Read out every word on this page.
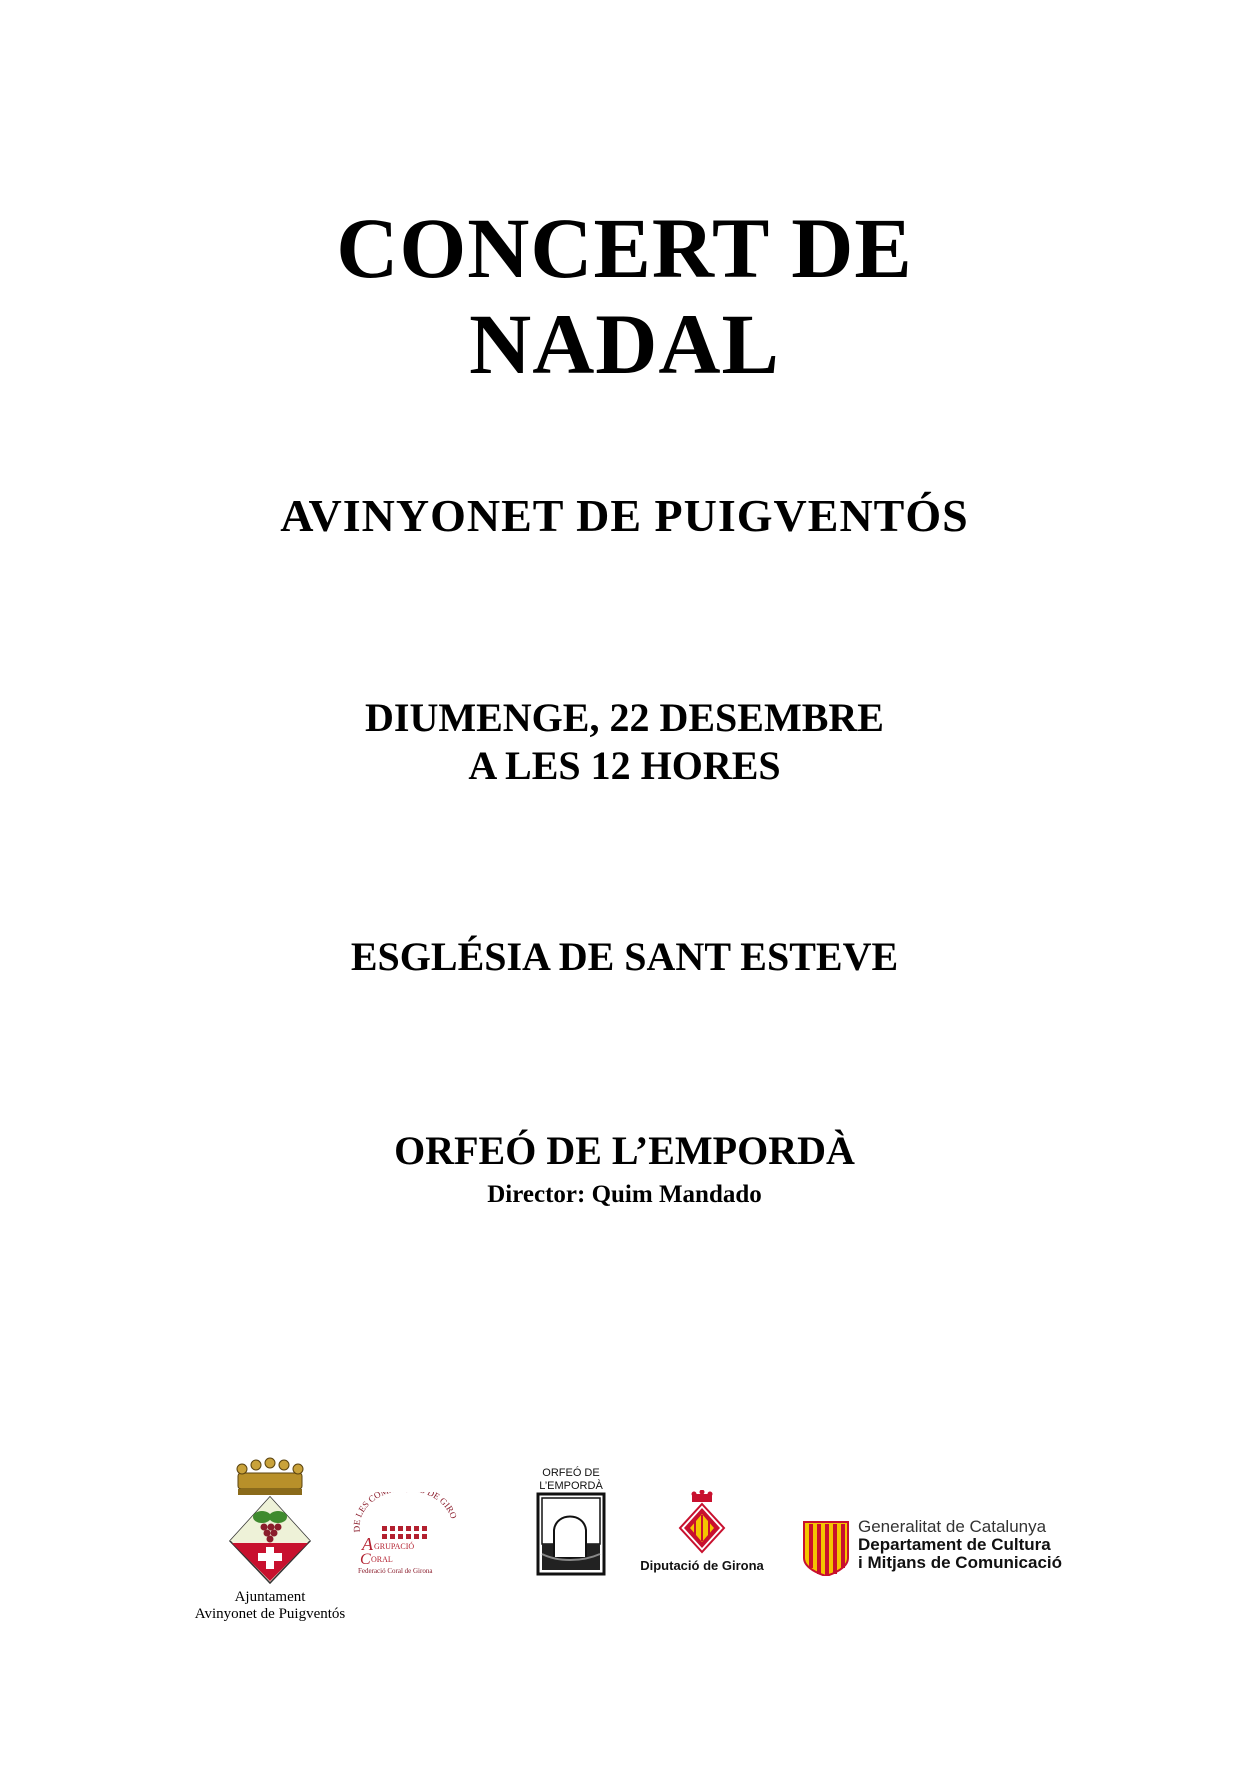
CONCERT DE
NADAL
AVINYONET DE PUIGVENTÓS
DIUMENGE, 22 DESEMBRE
A LES 12 HORES
ESGLÉSIA DE SANT ESTEVE
ORFEÓ DE L’EMPORDÀ
Director: Quim Mandado
Ajuntament
Avinyonet de Puigventós
DE LES CO DE GIRO
A GRUPACIÓ
C ORAL
Federació Coral de Girona
ORFEÓ DE
L’EMPORDÀ
Diputació de Girona
Generalitat de Catalunya
Departament de Cultura
i Mitjans de Comunicació
